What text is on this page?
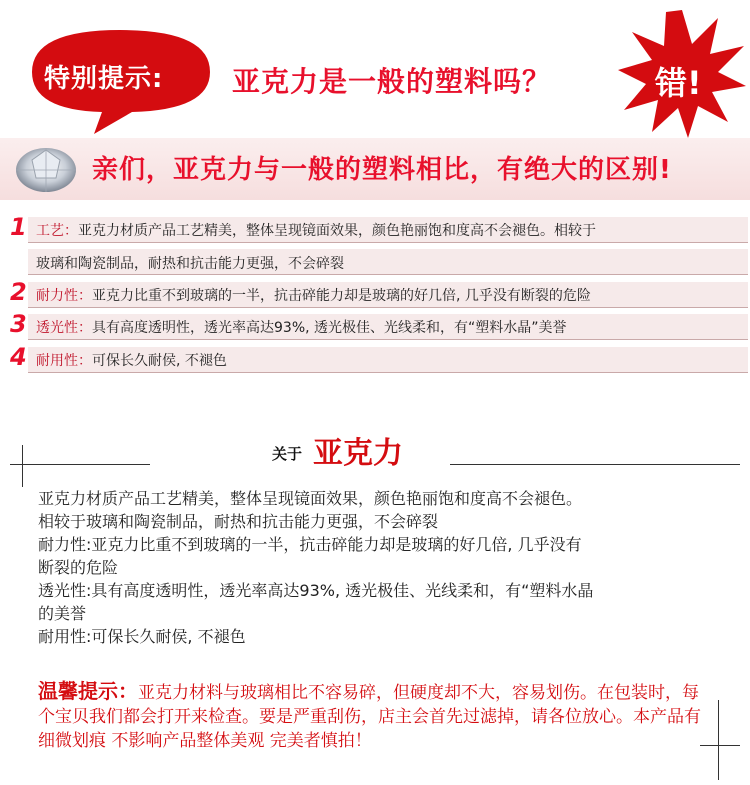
特别提示: 亚克力是一般的塑料吗？	错!
亲们，亚克力与一般的塑料相比，有绝大的区别!
1 工艺：亚克力材质产品工艺精美，整体呈现镜面效果，颜色艳丽饱和度高不会褪色。相较于
玻璃和陶瓷制品，耐热和抗击能力更强，不会碎裂
2 耐力性：亚克力比重不到玻璃的一半，抗击碎能力却是玻璃的好几倍, 几乎没有断裂的危险
3 透光性：具有高度透明性，透光率高达93%, 透光极佳、光线柔和，有“塑料水晶”美誉
4 耐用性：可保长久耐侯, 不褪色
关于 亚克力

亚克力材质产品工艺精美，整体呈现镜面效果，颜色艳丽饱和度高不会褪色。

相较于玻璃和陶瓷制品，耐热和抗击能力更强，不会碎裂

耐力性:亚克力比重不到玻璃的一半，抗击碎能力却是玻璃的好几倍, 几乎没有

断裂的危险

透光性:具有高度透明性，透光率高达93%, 透光极佳、光线柔和，有“塑料水晶

的美誉

耐用性:可保长久耐侯, 不褪色

温馨提示：亚克力材料与玻璃相比不容易碎，但硬度却不大，容易划伤。在包装时，每个宝贝我们都会打开来检查。要是严重刮伤，店主会首先过滤掉，请各位放心。本产品有细微划痕 不影响产品整体美观 完美者慎拍！
